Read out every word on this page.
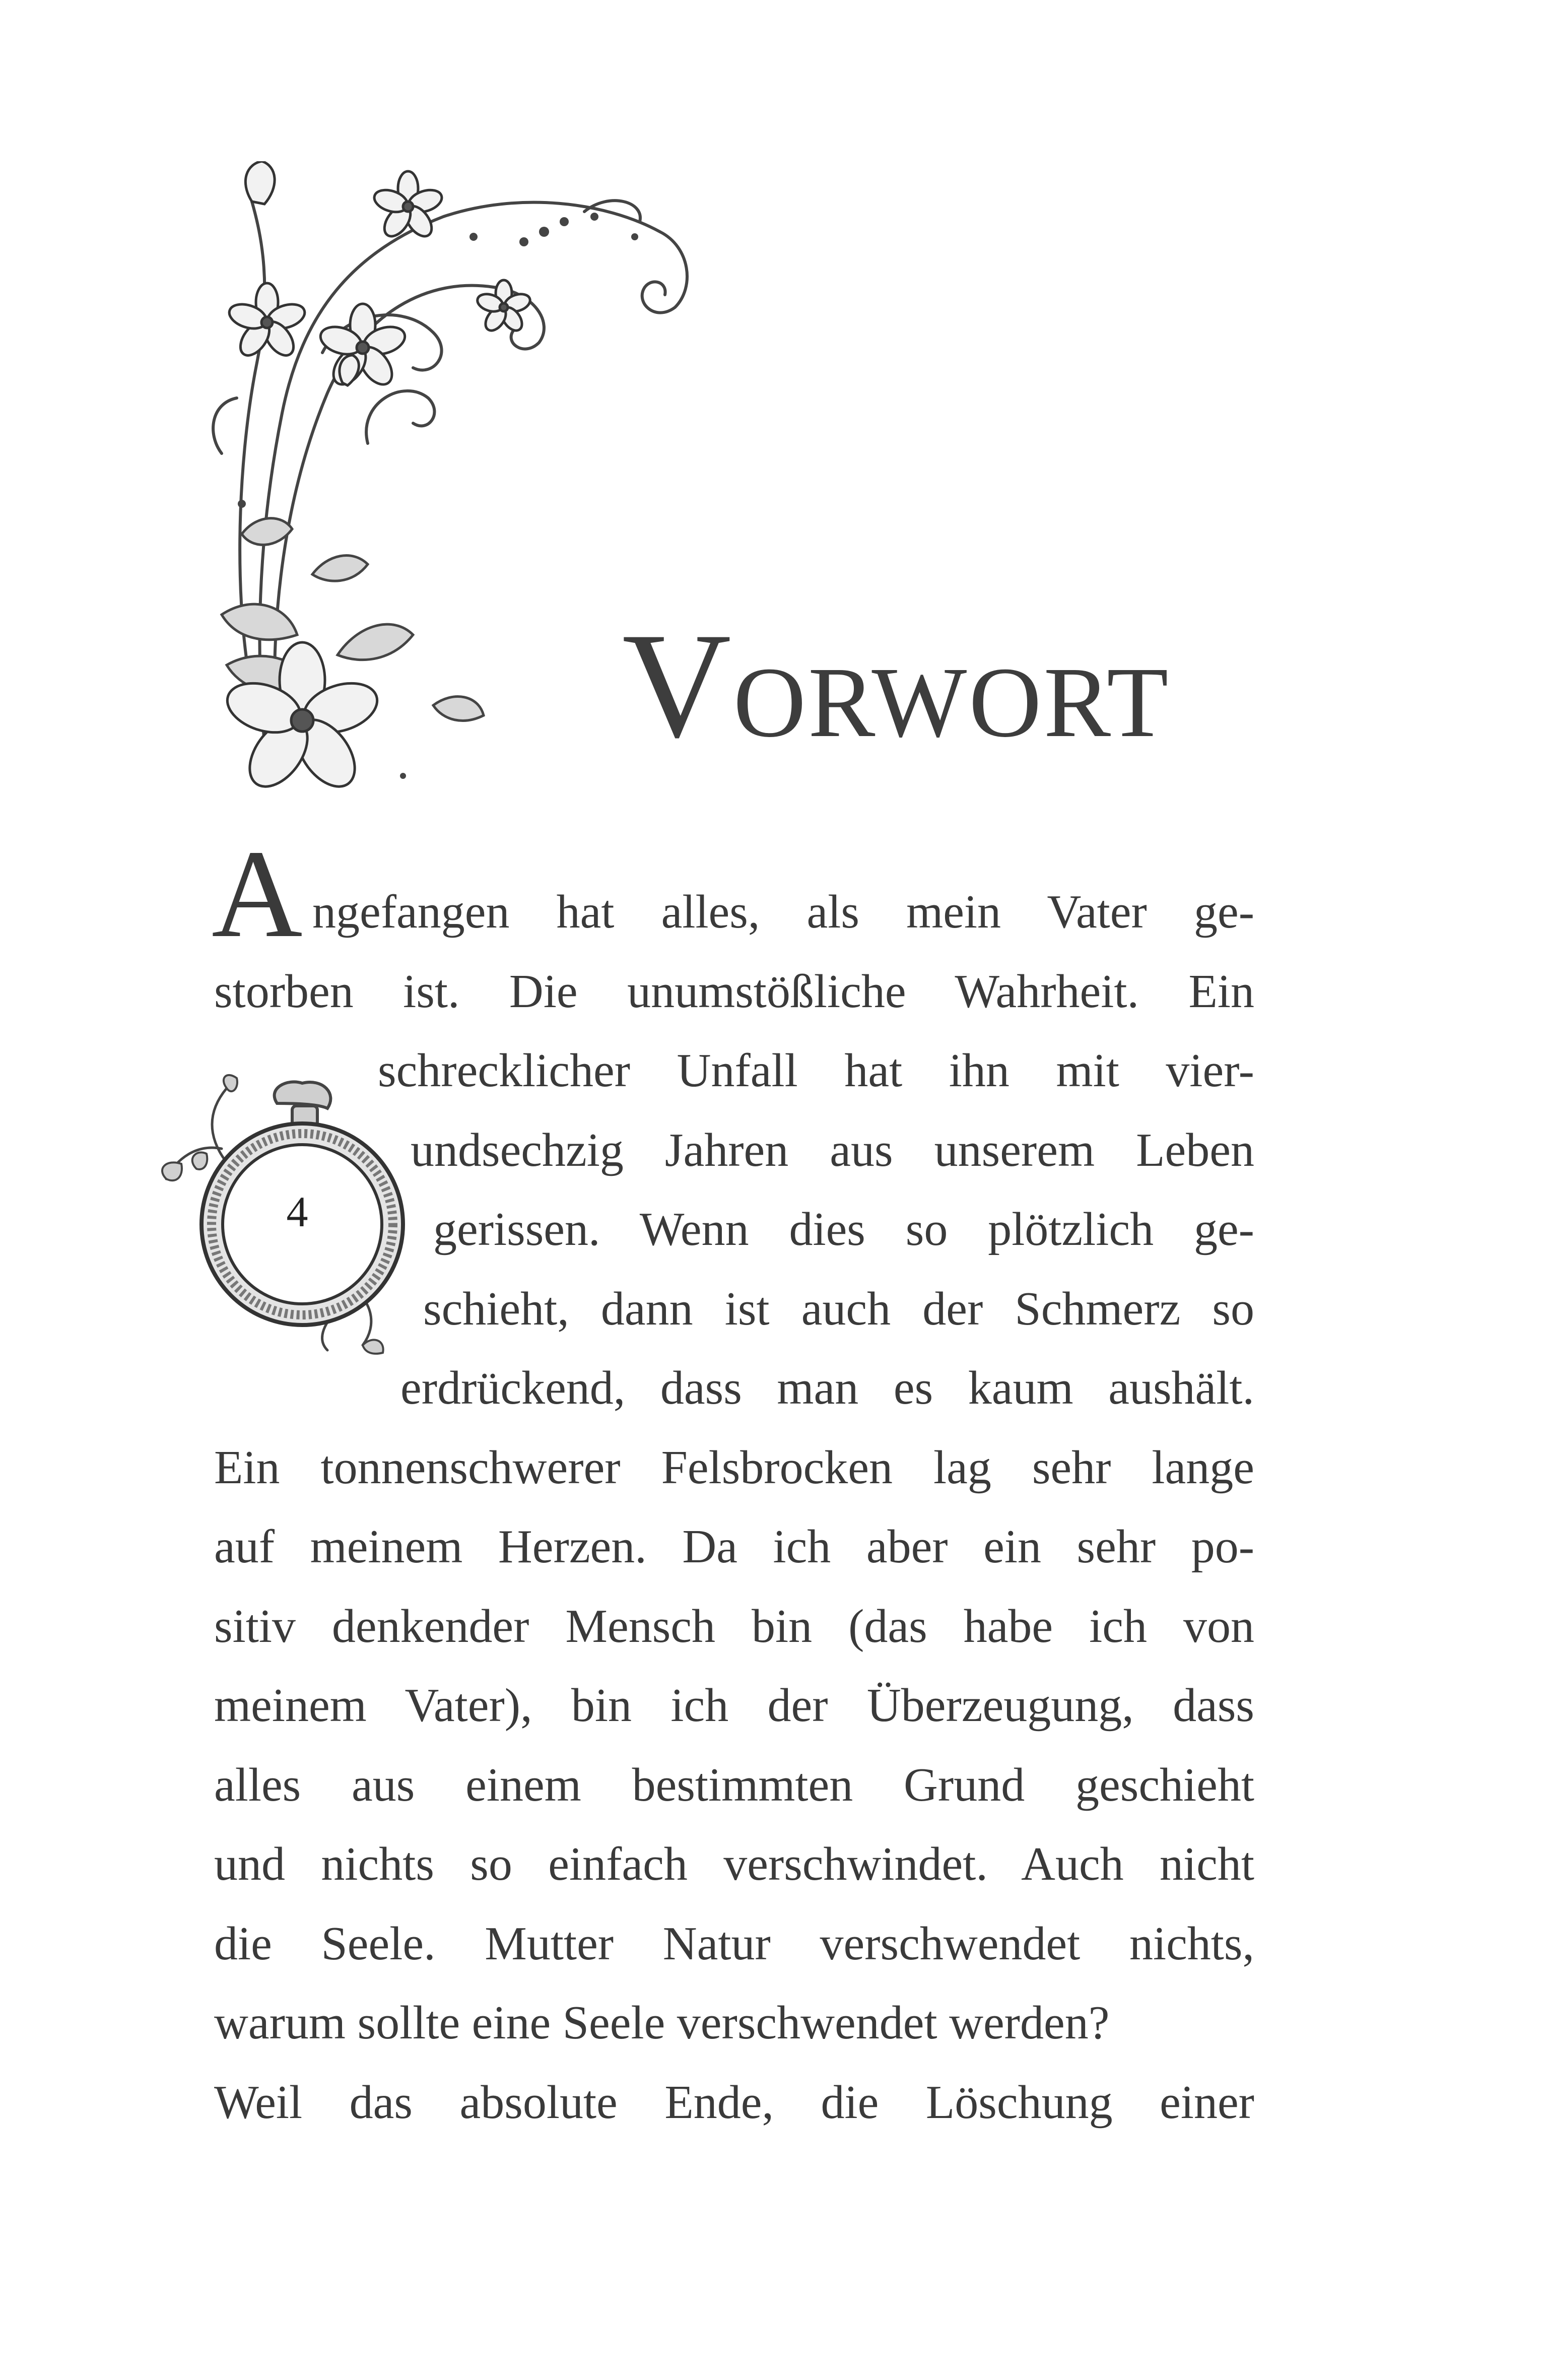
VORWORT
A ngefangen hat alles, als mein Vater ge-
storben ist. Die unumstößliche Wahrheit. Ein
schrecklicher Unfall hat ihn mit vier-
undsechzig Jahren aus unserem Leben
gerissen. Wenn dies so plötzlich ge-
schieht, dann ist auch der Schmerz so
erdrückend, dass man es kaum aushält.
Ein tonnenschwerer Felsbrocken lag sehr lange
auf meinem Herzen. Da ich aber ein sehr po-
sitiv denkender Mensch bin (das habe ich von
meinem Vater), bin ich der Überzeugung, dass
alles aus einem bestimmten Grund geschieht
und nichts so einfach verschwindet. Auch nicht
die Seele. Mutter Natur verschwendet nichts,
warum sollte eine Seele verschwendet werden?
Weil das absolute Ende, die Löschung einer
4
